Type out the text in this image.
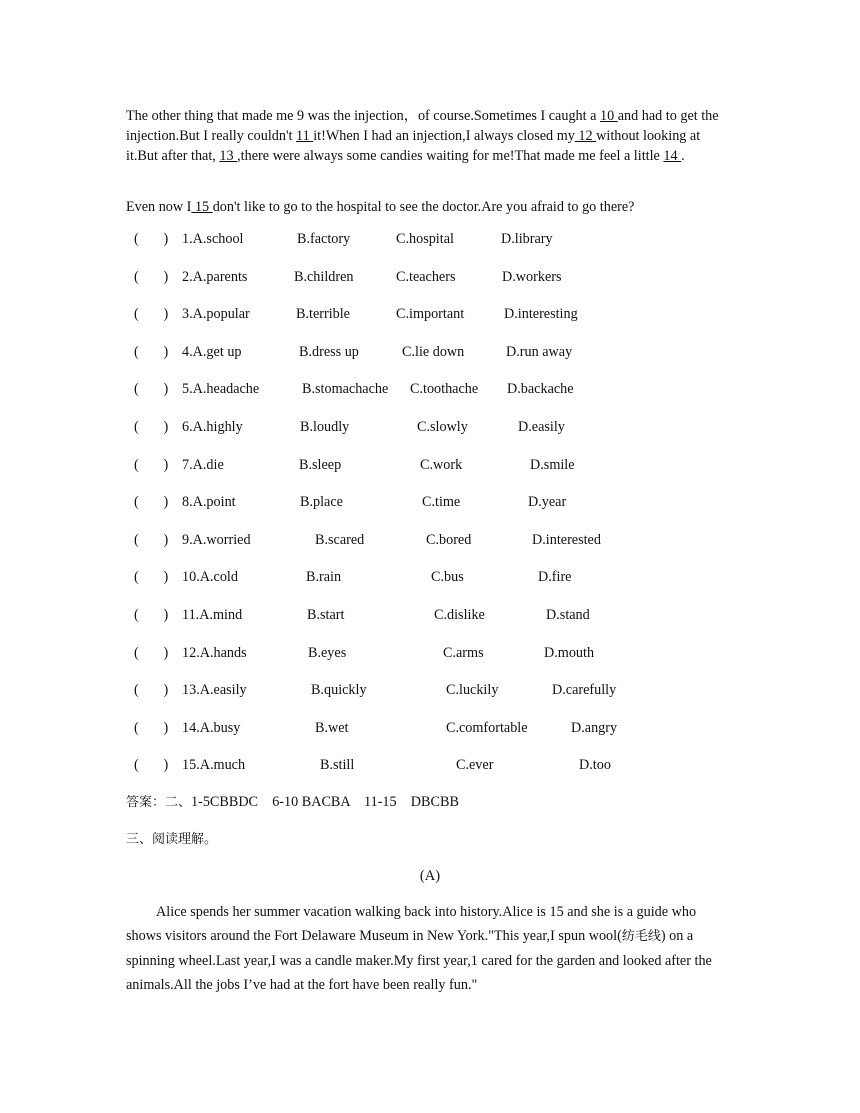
The other thing that made me 9 was the injection，of course.Sometimes I caught a 10 and had to get the injection.But I really couldn't 11 it!When I had an injection,I always closed my 12 without looking at it.But after that, 13 ,there were always some candies waiting for me!That made me feel a little 14 .
Even now I 15 don't like to go to the hospital to see the doctor.Are you afraid to go there?
(       ) 1.A.school	B.factory	C.hospital	D.library
(       ) 2.A.parents	B.children	C.teachers	D.workers
(       ) 3.A.popular	B.terrible	C.important	D.interesting
(       ) 4.A.get up	B.dress up	C.lie down	D.run away
(       ) 5.A.headache	B.stomachache C.toothache D.backache
(       ) 6.A.highly	B.loudly	C.slowly	D.easily
(       ) 7.A.die	B.sleep	C.work	D.smile
(       ) 8.A.point	B.place	C.time	D.year
(       ) 9.A.worried	B.scared	C.bored	D.interested
(       ) 10.A.cold	B.rain	C.bus	D.fire
(       ) 11.A.mind	B.start	C.dislike	D.stand
(       ) 12.A.hands	B.eyes	C.arms	D.mouth
(       ) 13.A.easily	B.quickly	C.luckily	D.carefully
(       ) 14.A.busy	B.wet	C.comfortable	D.angry
(       ) 15.A.much	B.still	C.ever	D.too
答案：二、1-5CBBDC    6-10 BACBA    11-15    DBCBB
三、阅读理解。
(A)
Alice spends her summer vacation walking back into history.Alice is 15 and she is a guide who shows visitors around the Fort Delaware Museum in New York."This year,I spun wool(纺毛线) on a spinning wheel.Last year,I was a candle maker.My first year,1 cared for the garden and looked after the animals.All the jobs I’ve had at the fort have been really fun."
